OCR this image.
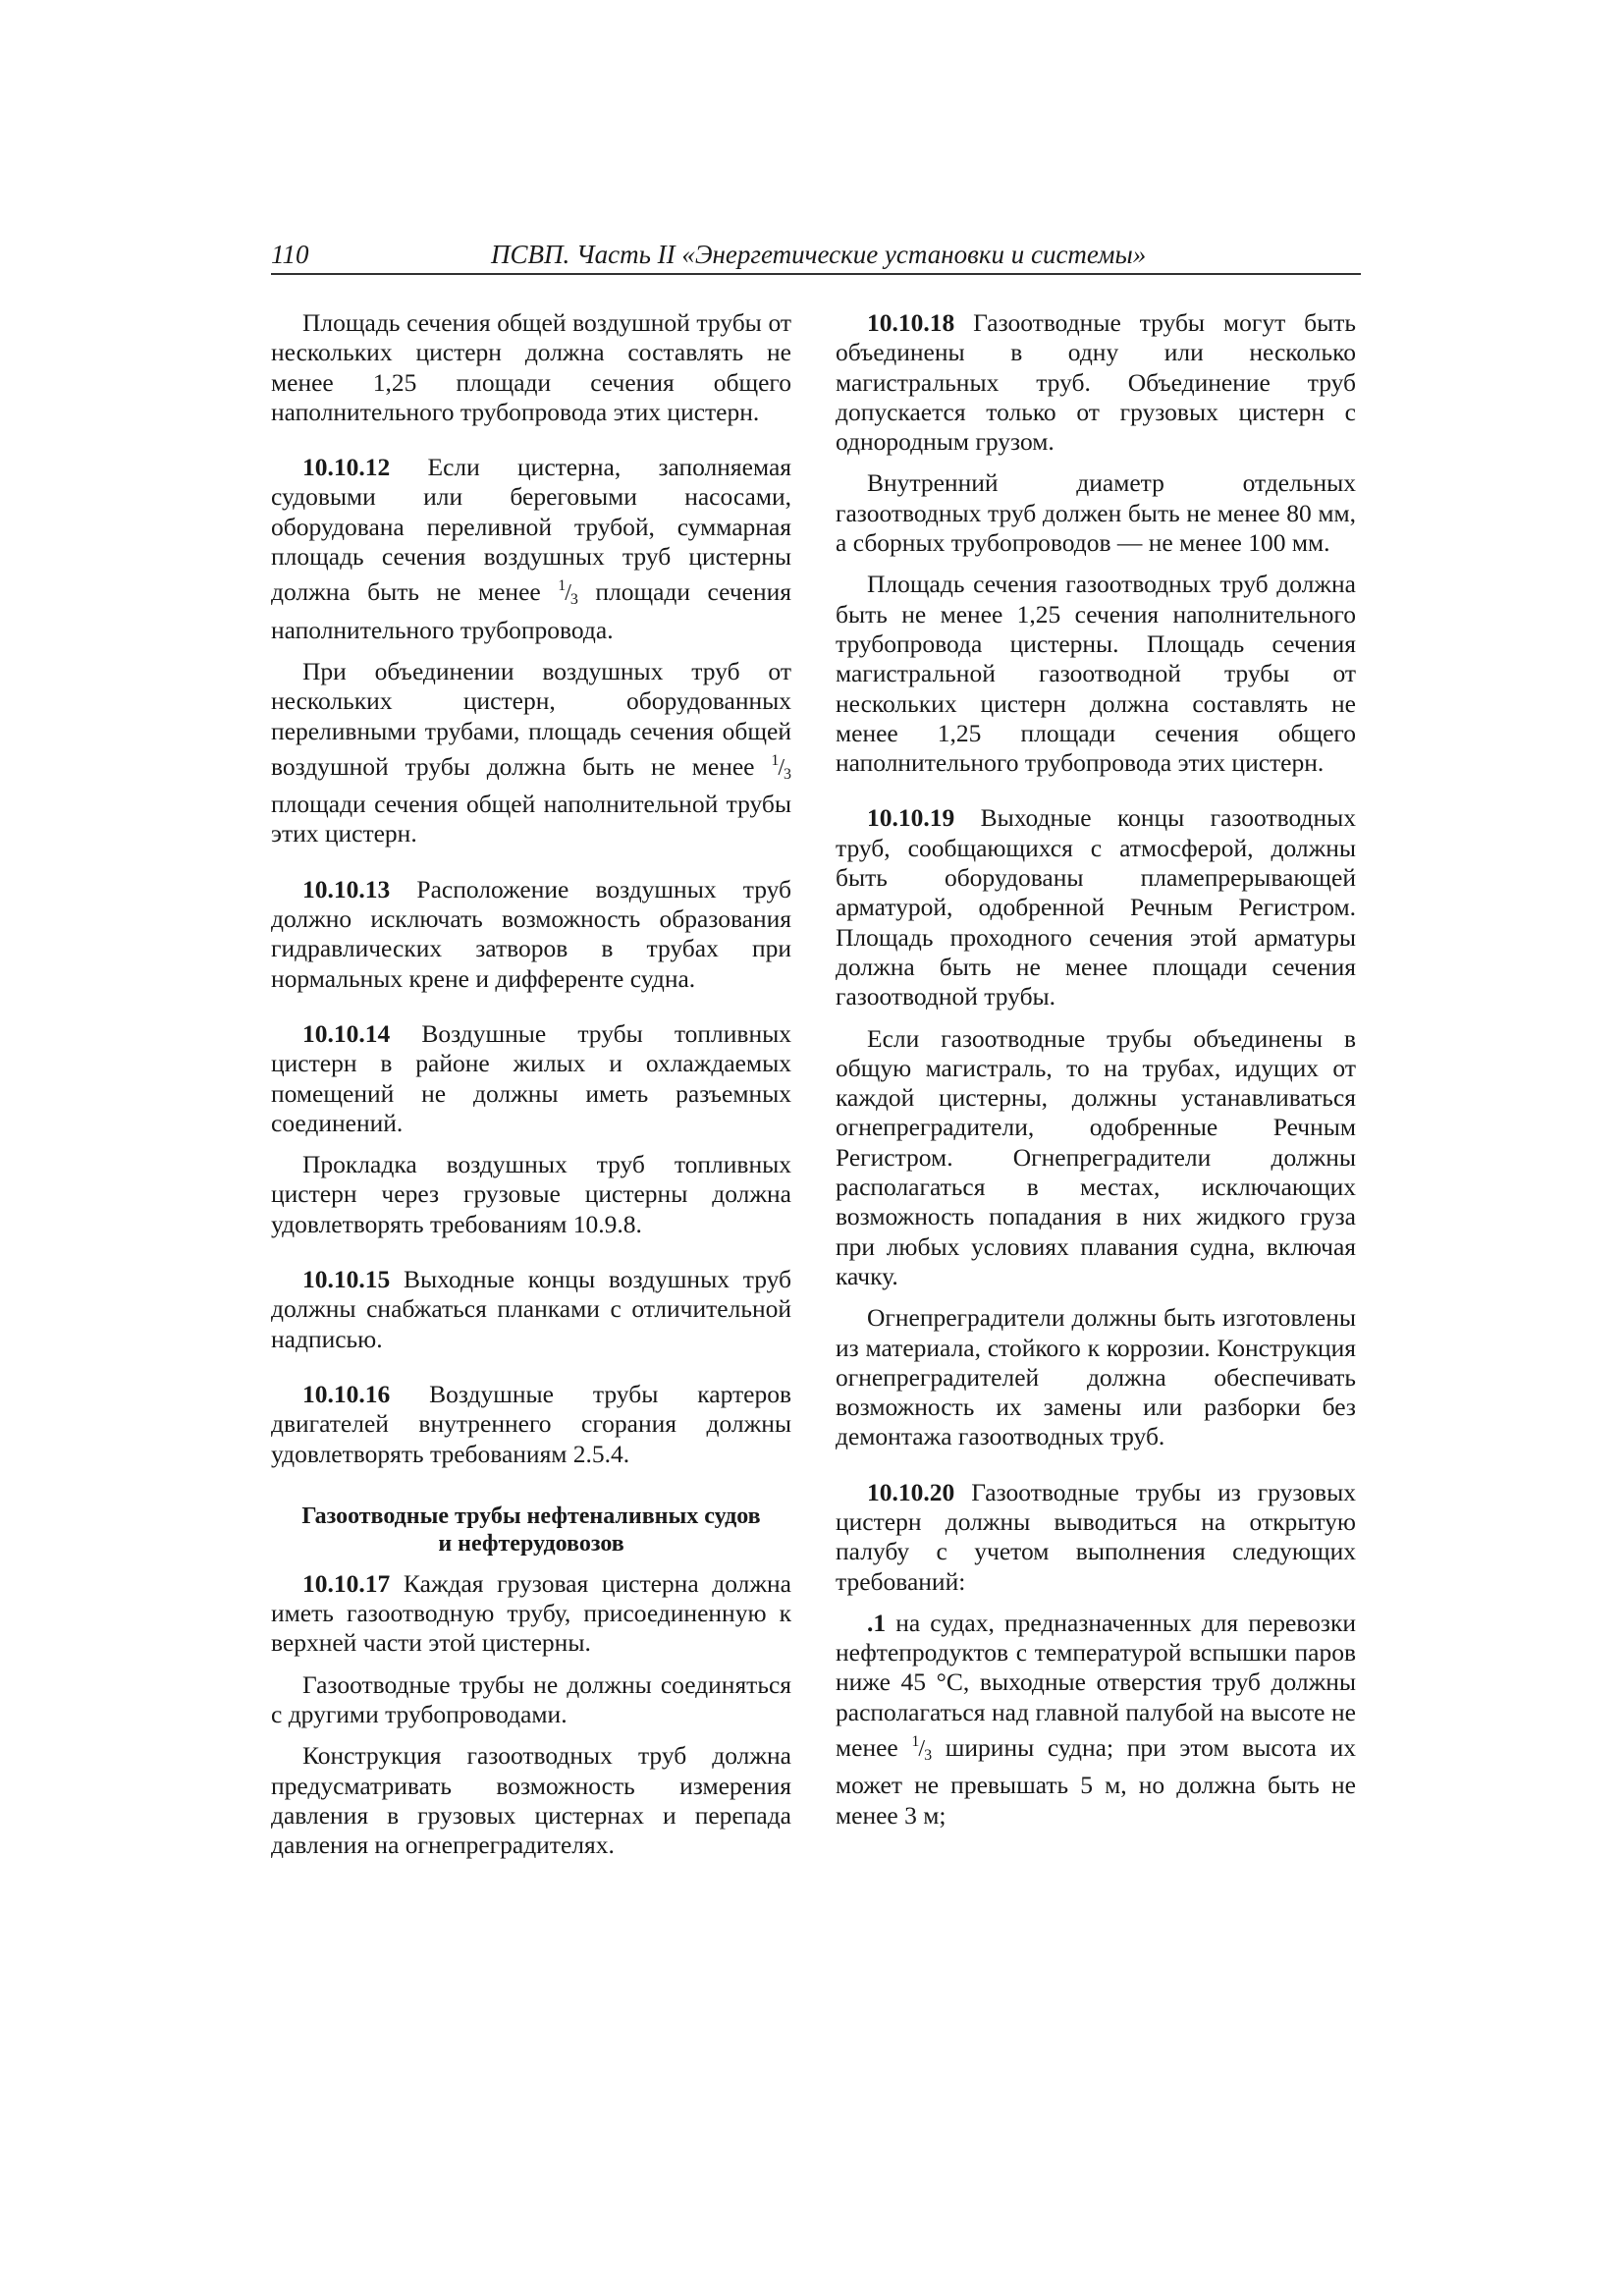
110	ПСВП. Часть II «Энергетические установки и системы»

Площадь сечения общей воздушной трубы от нескольких цистерн должна составлять не менее 1,25 площади сечения общего наполнительного трубопровода этих цистерн.

10.10.12 Если цистерна, заполняемая судовыми или береговыми насосами, оборудована переливной трубой, суммарная площадь сечения воздушных труб цистерны должна быть не менее $^1/_3$ площади сечения наполнительного трубопровода.

При объединении воздушных труб от нескольких цистерн, оборудованных переливными трубами, площадь сечения общей воздушной трубы должна быть не менее $^1/_3$ площади сечения общей наполнительной трубы этих цистерн.

10.10.13 Расположение воздушных труб должно исключать возможность образования гидравлических затворов в трубах при нормальных крене и дифференте судна.

10.10.14 Воздушные трубы топливных цистерн в районе жилых и охлаждаемых помещений не должны иметь разъемных соединений.

Прокладка воздушных труб топливных цистерн через грузовые цистерны должна удовлетворять требованиям 10.9.8.

10.10.15 Выходные концы воздушных труб должны снабжаться планками с отличительной надписью.

10.10.16 Воздушные трубы картеров двигателей внутреннего сгорания должны удовлетворять требованиям 2.5.4.

Газоотводные трубы нефтеналивных судов
и нефтерудовозов

10.10.17 Каждая грузовая цистерна должна иметь газоотводную трубу, присоединенную к верхней части этой цистерны.

Газоотводные трубы не должны соединяться с другими трубопроводами.

Конструкция газоотводных труб должна предусматривать возможность измерения давления в грузовых цистернах и перепада давления на огнепреградителях.

10.10.18 Газоотводные трубы могут быть объединены в одну или несколько магистральных труб. Объединение труб допускается только от грузовых цистерн с однородным грузом.

Внутренний диаметр отдельных газоотводных труб должен быть не менее 80 мм, а сборных трубопроводов — не менее 100 мм.

Площадь сечения газоотводных труб должна быть не менее 1,25 сечения наполнительного трубопровода цистерны. Площадь сечения магистральной газоотводной трубы от нескольких цистерн должна составлять не менее 1,25 площади сечения общего наполнительного трубопровода этих цистерн.

10.10.19 Выходные концы газоотводных труб, сообщающихся с атмосферой, должны быть оборудованы пламепрерывающей арматурой, одобренной Речным Регистром. Площадь проходного сечения этой арматуры должна быть не менее площади сечения газоотводной трубы.

Если газоотводные трубы объединены в общую магистраль, то на трубах, идущих от каждой цистерны, должны устанавливаться огнепреградители, одобренные Речным Регистром. Огнепреградители должны располагаться в местах, исключающих возможность попадания в них жидкого груза при любых условиях плавания судна, включая качку.

Огнепреградители должны быть изготовлены из материала, стойкого к коррозии. Конструкция огнепреградителей должна обеспечивать возможность их замены или разборки без демонтажа газоотводных труб.

10.10.20 Газоотводные трубы из грузовых цистерн должны выводиться на открытую палубу с учетом выполнения следующих требований:

.1 на судах, предназначенных для перевозки нефтепродуктов с температурой вспышки паров ниже 45 °С, выходные отверстия труб должны располагаться над главной палубой на высоте не менее $^1/_3$ ширины судна; при этом высота их может не превышать 5 м, но должна быть не менее 3 м;
